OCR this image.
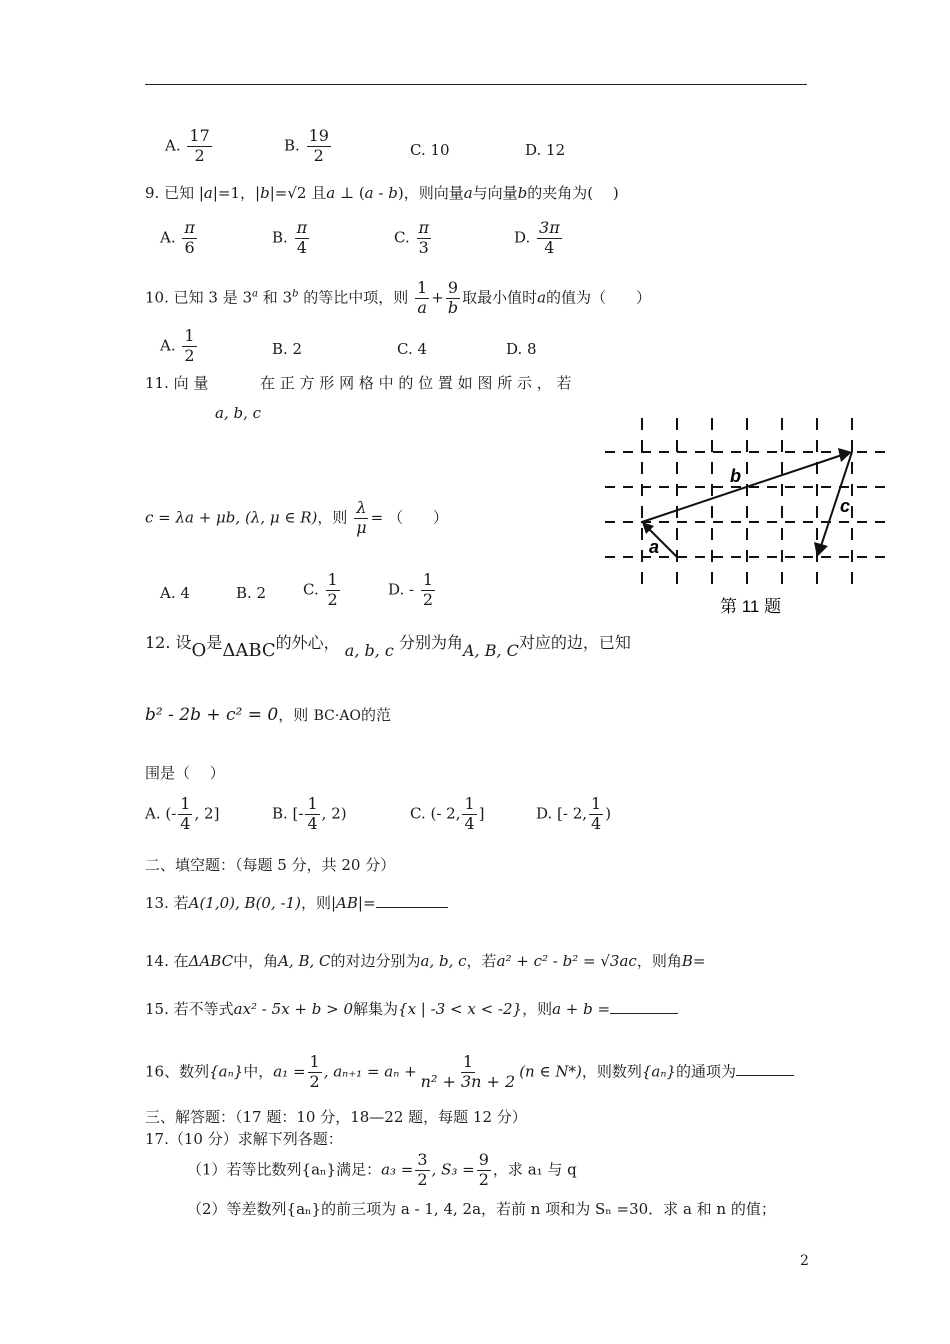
A. $\frac{17}{2}$	B. $\frac{19}{2}$	C. 10	D. 12
9. 已知 |a|=1，|b|=√2 且a ⊥ (a - b)，则向量a与向量b的夹角为(　 )
A. $\frac{\pi}{6}$	B. $\frac{\pi}{4}$	C. $\frac{\pi}{3}$	D. $\frac{3\pi}{4}$
10. 已知 3 是 3$^a$ 和 3$^b$ 的等比中项，则 $\frac{1}{a} + \frac{9}{b}$ 取最小值时a的值为（　　）
A. $\frac{1}{2}$	B. 2	C. 4	D. 8
11. 向 量	在 正 方 形 网 格 中 的 位 置 如 图 所 示 ， 若
a, b, c
c = λa + μb, (λ, μ ∈ R)，则 $\frac{\lambda}{\mu}$ = （　　）
A. 4	B. 2 C. $\frac{1}{2}$	D. - $\frac{1}{2}$
b
c
a
第 11 题
12. 设O是ΔABC的外心， a, b, c 分别为角A, B, C对应的边，已知
b² - 2b + c² = 0，则 BC·AO的范
围是（　 ）
A. (- $\frac{1}{4}$ , 2]	B. [- $\frac{1}{4}$ , 2)	C. (- 2, $\frac{1}{4}$ ]	D. [- 2, $\frac{1}{4}$ )
二、填空题：（每题 5 分，共 20 分）
13. 若A(1,0), B(0, -1)，则|AB|=
14. 在ΔABC中，角A, B, C的对边分别为a, b, c，若a² + c² - b² = √3ac，则角B=
15. 若不等式ax² - 5x + b > 0解集为{x | -3 < x < -2}，则a + b =
16、数列{aₙ}中，$a_1 = \frac{1}{2}$ , $a_{n+1} = a_n + \frac{1}{\text{n² + 3n + 2}} (n$ ∈ N*)，则数列{aₙ}的通项为
三、解答题：（17 题：10 分，18—22 题，每题 12 分）
17.（10 分）求解下列各题：
（1）若等比数列{aₙ}满足：$a_3 = \frac{3}{2}$ , $S_3 = \frac{9}{2}$ ，求 a₁ 与 q
（2）等差数列{aₙ}的前三项为 a - 1, 4, 2a，若前 n 项和为 Sₙ =30．求 a 和 n 的值；
2
